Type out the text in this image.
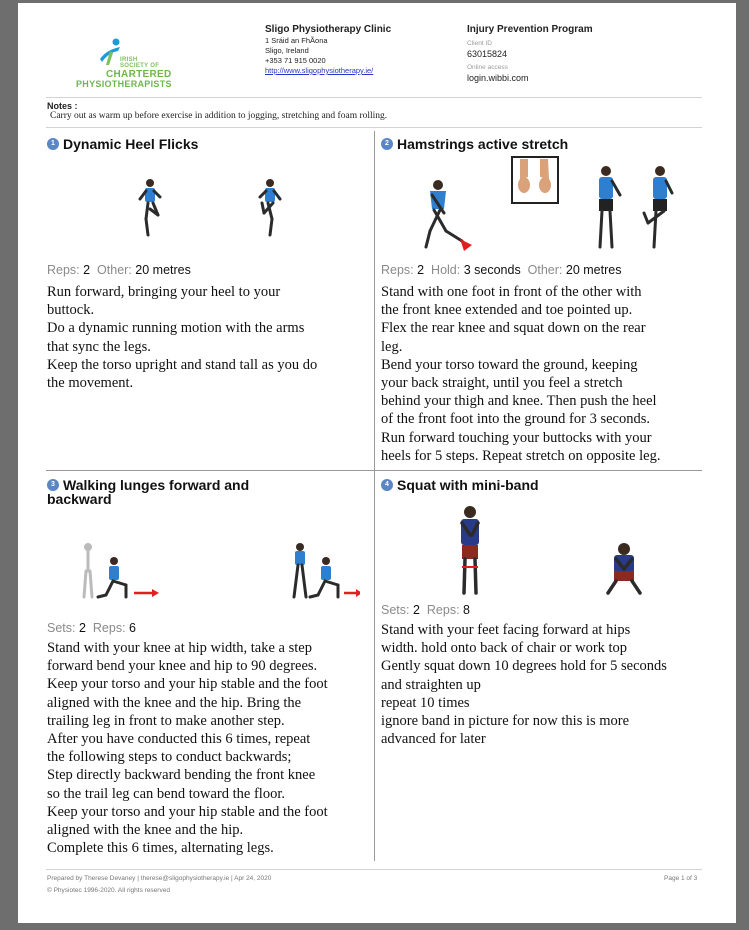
IRISH
SOCIETY OF
CHARTERED
PHYSIOTHERAPISTS
Sligo Physiotherapy Clinic
1 Sráid an FhÃona
Sligo, Ireland
+353 71 915 0020
http://www.sligophysiotherapy.ie/
Injury Prevention Program
Client ID
63015824
Online access
login.wibbi.com
Notes :
Carry out as warm up before exercise in addition to jogging, stretching and foam rolling.
1 Dynamic Heel Flicks
Reps: 2 Other: 20 metres
Run forward, bringing your heel to your
buttock.
Do a dynamic running motion with the arms
that sync the legs.
Keep the torso upright and stand tall as you do
the movement.
2 Hamstrings active stretch
Reps: 2 Hold: 3 seconds Other: 20 metres
Stand with one foot in front of the other with
the front knee extended and toe pointed up.
Flex the rear knee and squat down on the rear
leg.
Bend your torso toward the ground, keeping
your back straight, until you feel a stretch
behind your thigh and knee. Then push the heel
of the front foot into the ground for 3 seconds.
Run forward touching your buttocks with your
heels for 5 steps. Repeat stretch on opposite leg.
3 Walking lunges forward and
backward
Sets: 2 Reps: 6
Stand with your knee at hip width, take a step
forward bend your knee and hip to 90 degrees.
Keep your torso and your hip stable and the foot
aligned with the knee and the hip. Bring the
trailing leg in front to make another step.
After you have conducted this 6 times, repeat
the following steps to conduct backwards;
Step directly backward bending the front knee
so the trail leg can bend toward the floor.
Keep your torso and your hip stable and the foot
aligned with the knee and the hip.
Complete this 6 times, alternating legs.
4 Squat with mini-band
Sets: 2 Reps: 8
Stand with your feet facing forward at hips
width. hold onto back of chair or work top
Gently squat down 10 degrees hold for 5 seconds
and straighten up
repeat 10 times
ignore band in picture for now this is more
advanced for later
Prepared by Therese Devaney | therese@sligophysiotherapy.ie | Apr 24, 2020
© Physiotec 1996-2020. All rights reserved
Page 1 of 3
